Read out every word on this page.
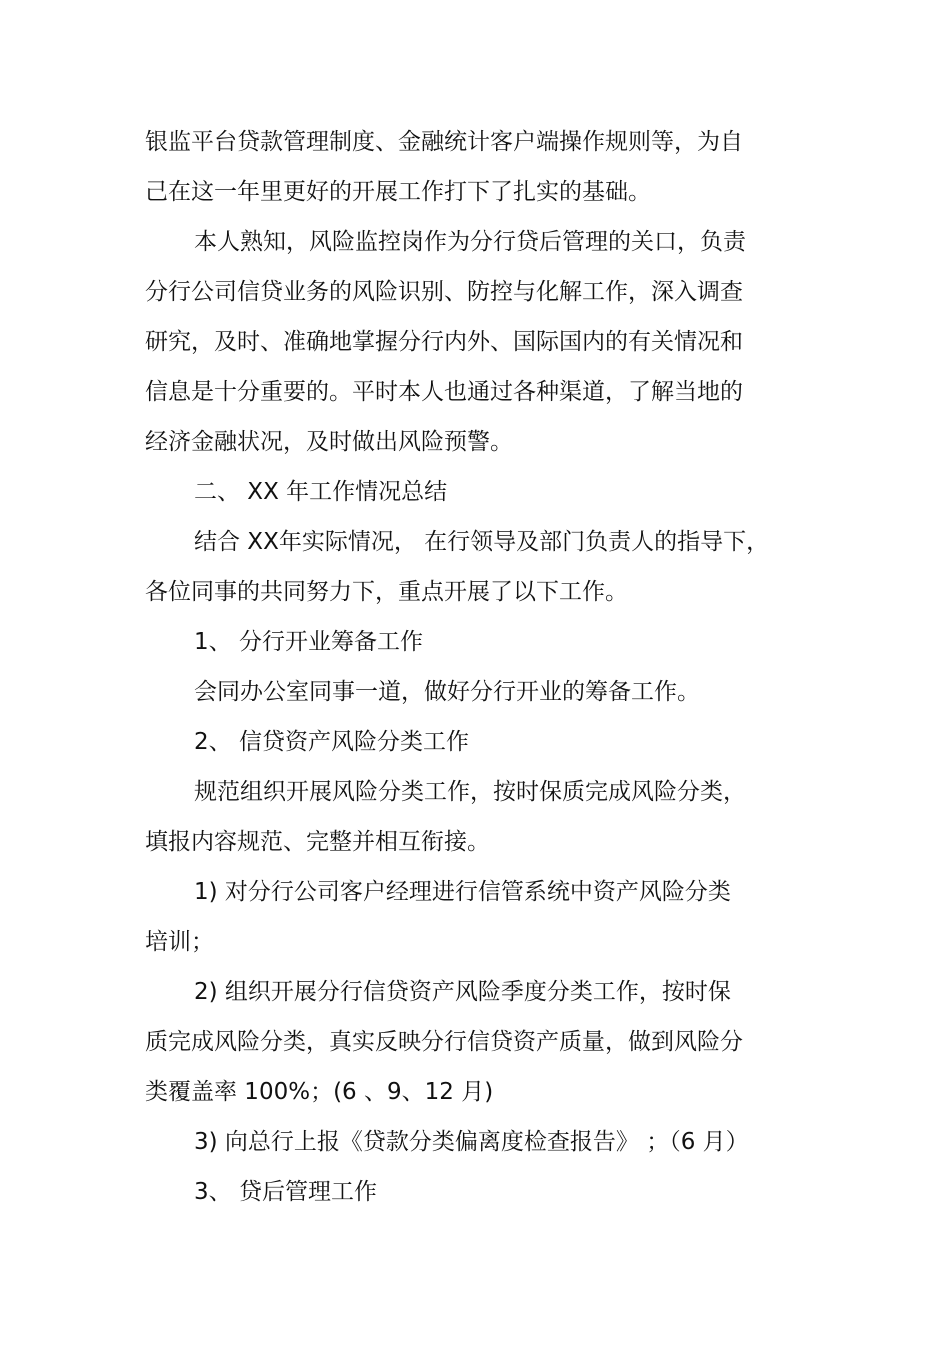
银监平台贷款管理制度、金融统计客户端操作规则等，为自
己在这一年里更好的开展工作打下了扎实的基础。
本人熟知，风险监控岗作为分行贷后管理的关口，负责
分行公司信贷业务的风险识别、防控与化解工作，深入调查
研究，及时、准确地掌握分行内外、国际国内的有关情况和
信息是十分重要的。平时本人也通过各种渠道，了解当地的
经济金融状况，及时做出风险预警。
二、 XX 年工作情况总结
结合 XX年实际情况， 在行领导及部门负责人的指导下，
各位同事的共同努力下，重点开展了以下工作。
1、 分行开业筹备工作
会同办公室同事一道，做好分行开业的筹备工作。
2、 信贷资产风险分类工作
规范组织开展风险分类工作，按时保质完成风险分类，
填报内容规范、完整并相互衔接。
1) 对分行公司客户经理进行信管系统中资产风险分类
培训；
2) 组织开展分行信贷资产风险季度分类工作，按时保
质完成风险分类，真实反映分行信贷资产质量，做到风险分
类覆盖率 100%；(6 、9、12 月)
3) 向总行上报《贷款分类偏离度检查报告》 ；（6 月）
3、 贷后管理工作
